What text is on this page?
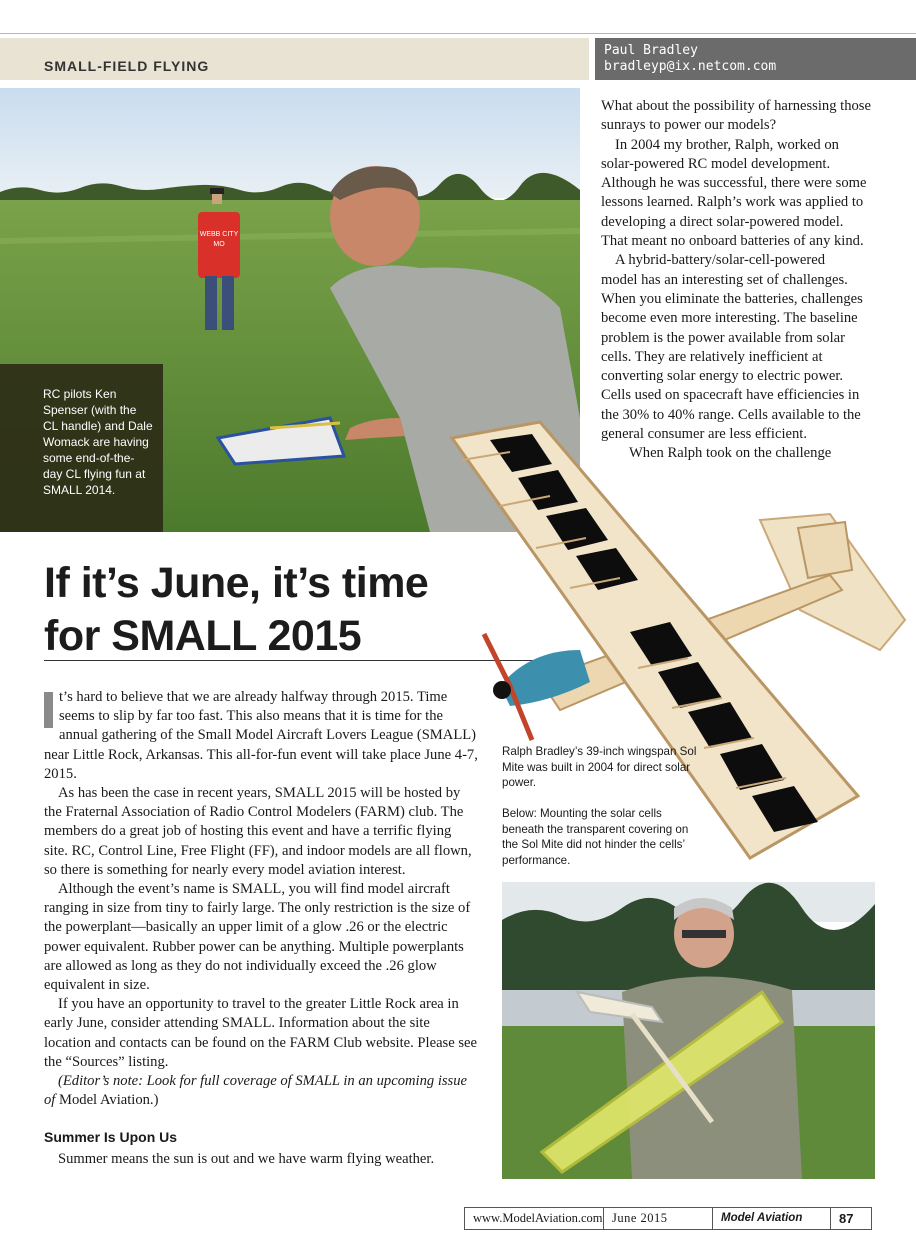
SMALL-FIELD FLYING
Paul Bradley
bradleyp@ix.netcom.com
WEBB CITY
MO
RC pilots Ken Spenser (with the CL handle) and Dale Womack are having some end-of-the-day CL flying fun at SMALL 2014.

What about the possibility of harnessing those sunrays to power our models?

In 2004 my brother, Ralph, worked on solar-powered RC model development. Although he was successful, there were some lessons learned. Ralph’s work was applied to developing a direct solar-powered model. That meant no onboard batteries of any kind.

A hybrid-battery/solar-cell-powered model has an interesting set of challenges. When you eliminate the batteries, challenges become even more interesting. The baseline problem is the power available from solar cells. They are relatively inefficient at converting solar energy to electric power. Cells used on spacecraft have efficiencies in the 30% to 40% range. Cells available to the general consumer are less efficient.

When Ralph took on the challenge

If it’s June, it’s time
for SMALL 2015

t’s hard to believe that we are already halfway through 2015. Time seems to slip by far too fast. This also means that it is time for the annual gathering of the Small Model Aircraft Lovers League (SMALL) near Little Rock, Arkansas. This all-for-fun event will take place June 4-7, 2015.

As has been the case in recent years, SMALL 2015 will be hosted by the Fraternal Association of Radio Control Modelers (FARM) club. The members do a great job of hosting this event and have a terrific flying site. RC, Control Line, Free Flight (FF), and indoor models are all flown, so there is something for nearly every model aviation interest.

Although the event’s name is SMALL, you will find model aircraft ranging in size from tiny to fairly large. The only restriction is the size of the powerplant—basically an upper limit of a glow .26 or the electric power equivalent. Rubber power can be anything. Multiple powerplants are allowed as long as they do not individually exceed the .26 glow equivalent in size.

If you have an opportunity to travel to the greater Little Rock area in early June, consider attending SMALL. Information about the site location and contacts can be found on the FARM Club website. Please see the “Sources” listing.

(Editor’s note: Look for full coverage of SMALL in an upcoming issue of Model Aviation.)

Summer Is Upon Us

Summer means the sun is out and we have warm flying weather.

Ralph Bradley’s 39-inch wingspan Sol Mite was built in 2004 for direct solar power.
Below: Mounting the solar cells beneath the transparent covering on the Sol Mite did not hinder the cells’ performance.
www.ModelAviation.com June 2015	Model Aviation	87
